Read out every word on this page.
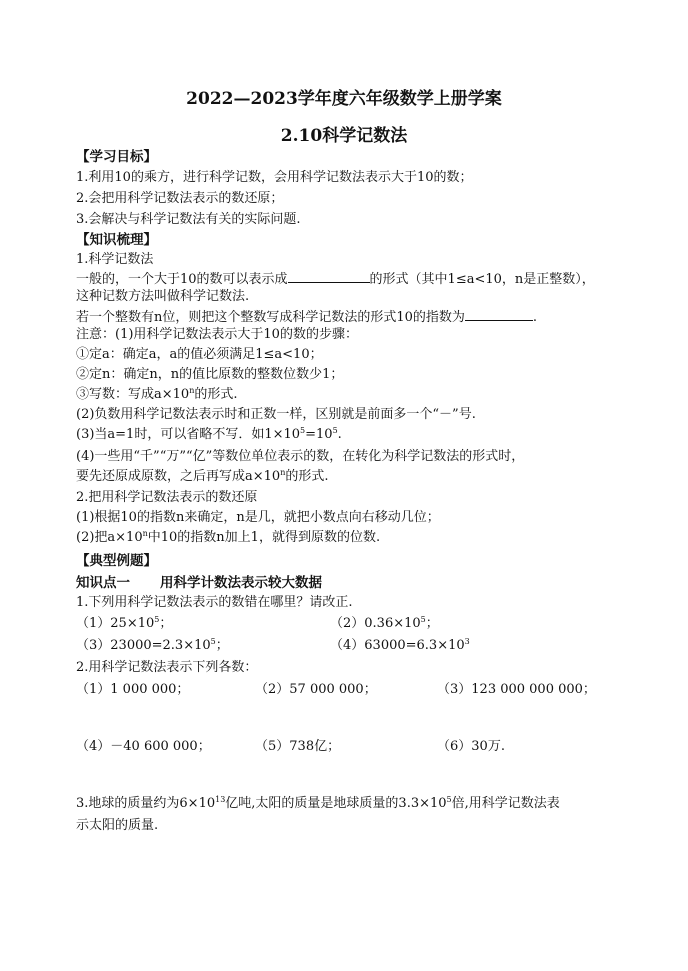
2022—2023学年度六年级数学上册学案
2.10科学记数法
【学习目标】
1.利用10的乘方，进行科学记数，会用科学记数法表示大于10的数；
2.会把用科学记数法表示的数还原；
3.会解决与科学记数法有关的实际问题.
【知识梳理】
1.科学记数法
一般的，一个大于10的数可以表示成	的形式（其中1≤a<10，n是正整数），
这种记数方法叫做科学记数法.
若一个整数有n位，则把这个整数写成科学记数法的形式10的指数为	.
注意：(1)用科学记数法表示大于10的数的步骤：
①定a：确定a，a的值必须满足1≤a<10；
②定n：确定n，n的值比原数的整数位数少1；
③写数：写成$a\times 10^n$的形式.
(2)负数用科学记数法表示时和正数一样，区别就是前面多一个“－”号.
(3)当a=1时，可以省略不写．如$1\times 10^5=10^5$.
(4)一些用“千”“万”“亿”等数位单位表示的数，在转化为科学记数法的形式时，
要先还原成原数，之后再写成$a\times 10^n$的形式.
2.把用科学记数法表示的数还原
(1)根据10的指数n来确定，n是几，就把小数点向右移动几位；
(2)把$a\times 10^n$中10的指数n加上1，就得到原数的位数.
【典型例题】
知识点一 用科学计数法表示较大数据
1.下列用科学记数法表示的数错在哪里？请改正.
$(1)25\times 10^5$；	$(2)0.36\times 10^5$；
$(3)23000=2.3\times 10^5$；	$(4)63000=6.3\times 10^3$
2.用科学记数法表示下列各数：
（1）1 000 000；	（2）57 000 000；	（3）123 000 000 000；
（4）－40 600 000；	（5）738亿；	（6）30万.
3.地球的质量约为$6\times 10^{13}$亿吨,太阳的质量是地球质量的$3.3\times 10^5$倍,用科学记数法表
示太阳的质量.
